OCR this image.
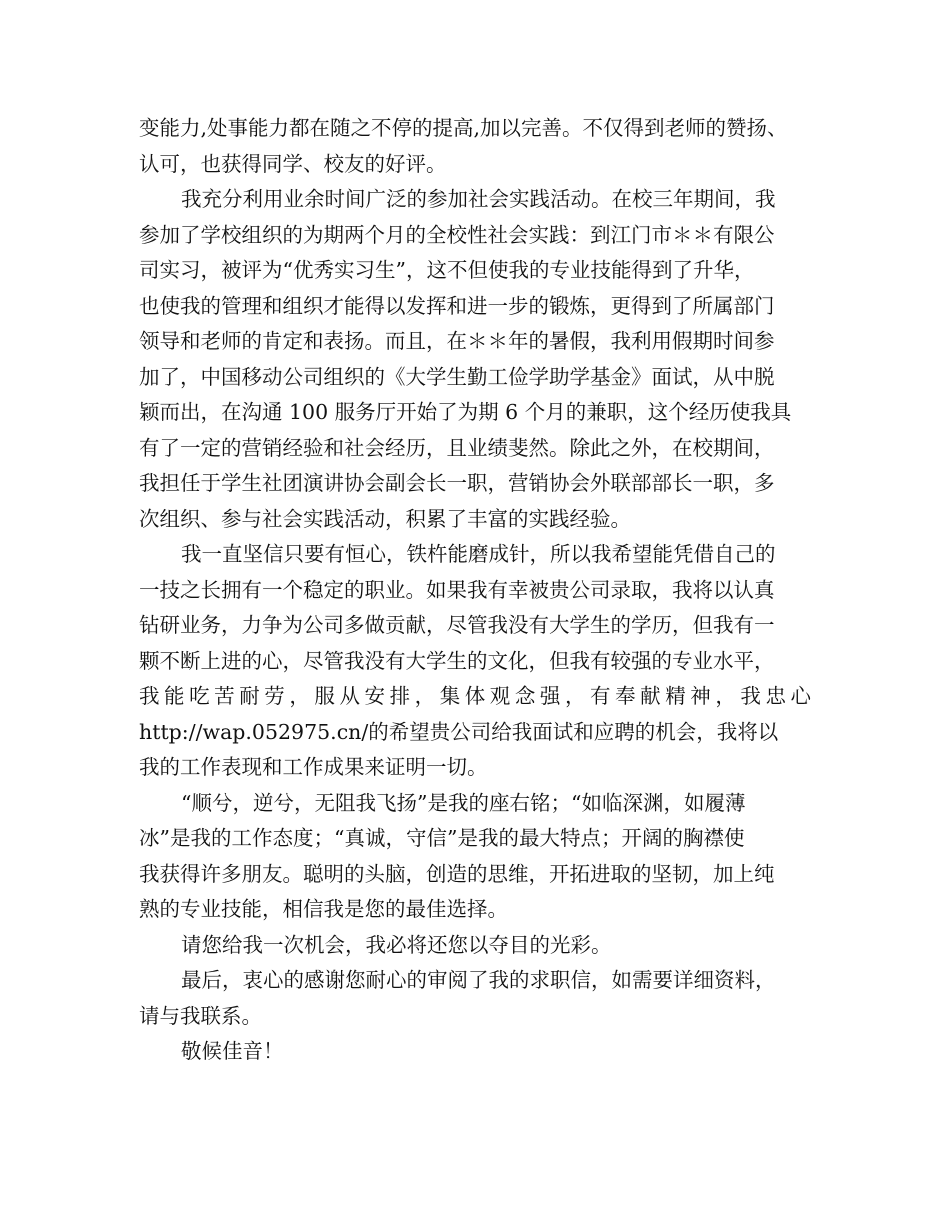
变能力,处事能力都在随之不停的提高,加以完善。不仅得到老师的赞扬、
认可，也获得同学、校友的好评。
我充分利用业余时间广泛的参加社会实践活动。在校三年期间，我
参加了学校组织的为期两个月的全校性社会实践：到江门市＊＊有限公
司实习，被评为“优秀实习生”，这不但使我的专业技能得到了升华，
也使我的管理和组织才能得以发挥和进一步的锻炼，更得到了所属部门
领导和老师的肯定和表扬。而且，在＊＊年的暑假，我利用假期时间参
加了，中国移动公司组织的《大学生勤工俭学助学基金》面试，从中脱
颖而出，在沟通 100 服务厅开始了为期 6 个月的兼职，这个经历使我具
有了一定的营销经验和社会经历，且业绩斐然。除此之外，在校期间，
我担任于学生社团演讲协会副会长一职，营销协会外联部部长一职，多
次组织、参与社会实践活动，积累了丰富的实践经验。
我一直坚信只要有恒心，铁杵能磨成针，所以我希望能凭借自己的
一技之长拥有一个稳定的职业。如果我有幸被贵公司录取，我将以认真
钻研业务，力争为公司多做贡献，尽管我没有大学生的学历，但我有一
颗不断上进的心，尽管我没有大学生的文化，但我有较强的专业水平，
我能吃苦耐劳，服从安排，集体观念强，有奉献精神，我忠心
http://wap.052975.cn/的希望贵公司给我面试和应聘的机会，我将以
我的工作表现和工作成果来证明一切。
“顺兮，逆兮，无阻我飞扬”是我的座右铭；“如临深渊，如履薄
冰”是我的工作态度；“真诚，守信”是我的最大特点；开阔的胸襟使
我获得许多朋友。聪明的头脑，创造的思维，开拓进取的坚韧，加上纯
熟的专业技能，相信我是您的最佳选择。
请您给我一次机会，我必将还您以夺目的光彩。
最后，衷心的感谢您耐心的审阅了我的求职信，如需要详细资料，
请与我联系。
敬候佳音！
